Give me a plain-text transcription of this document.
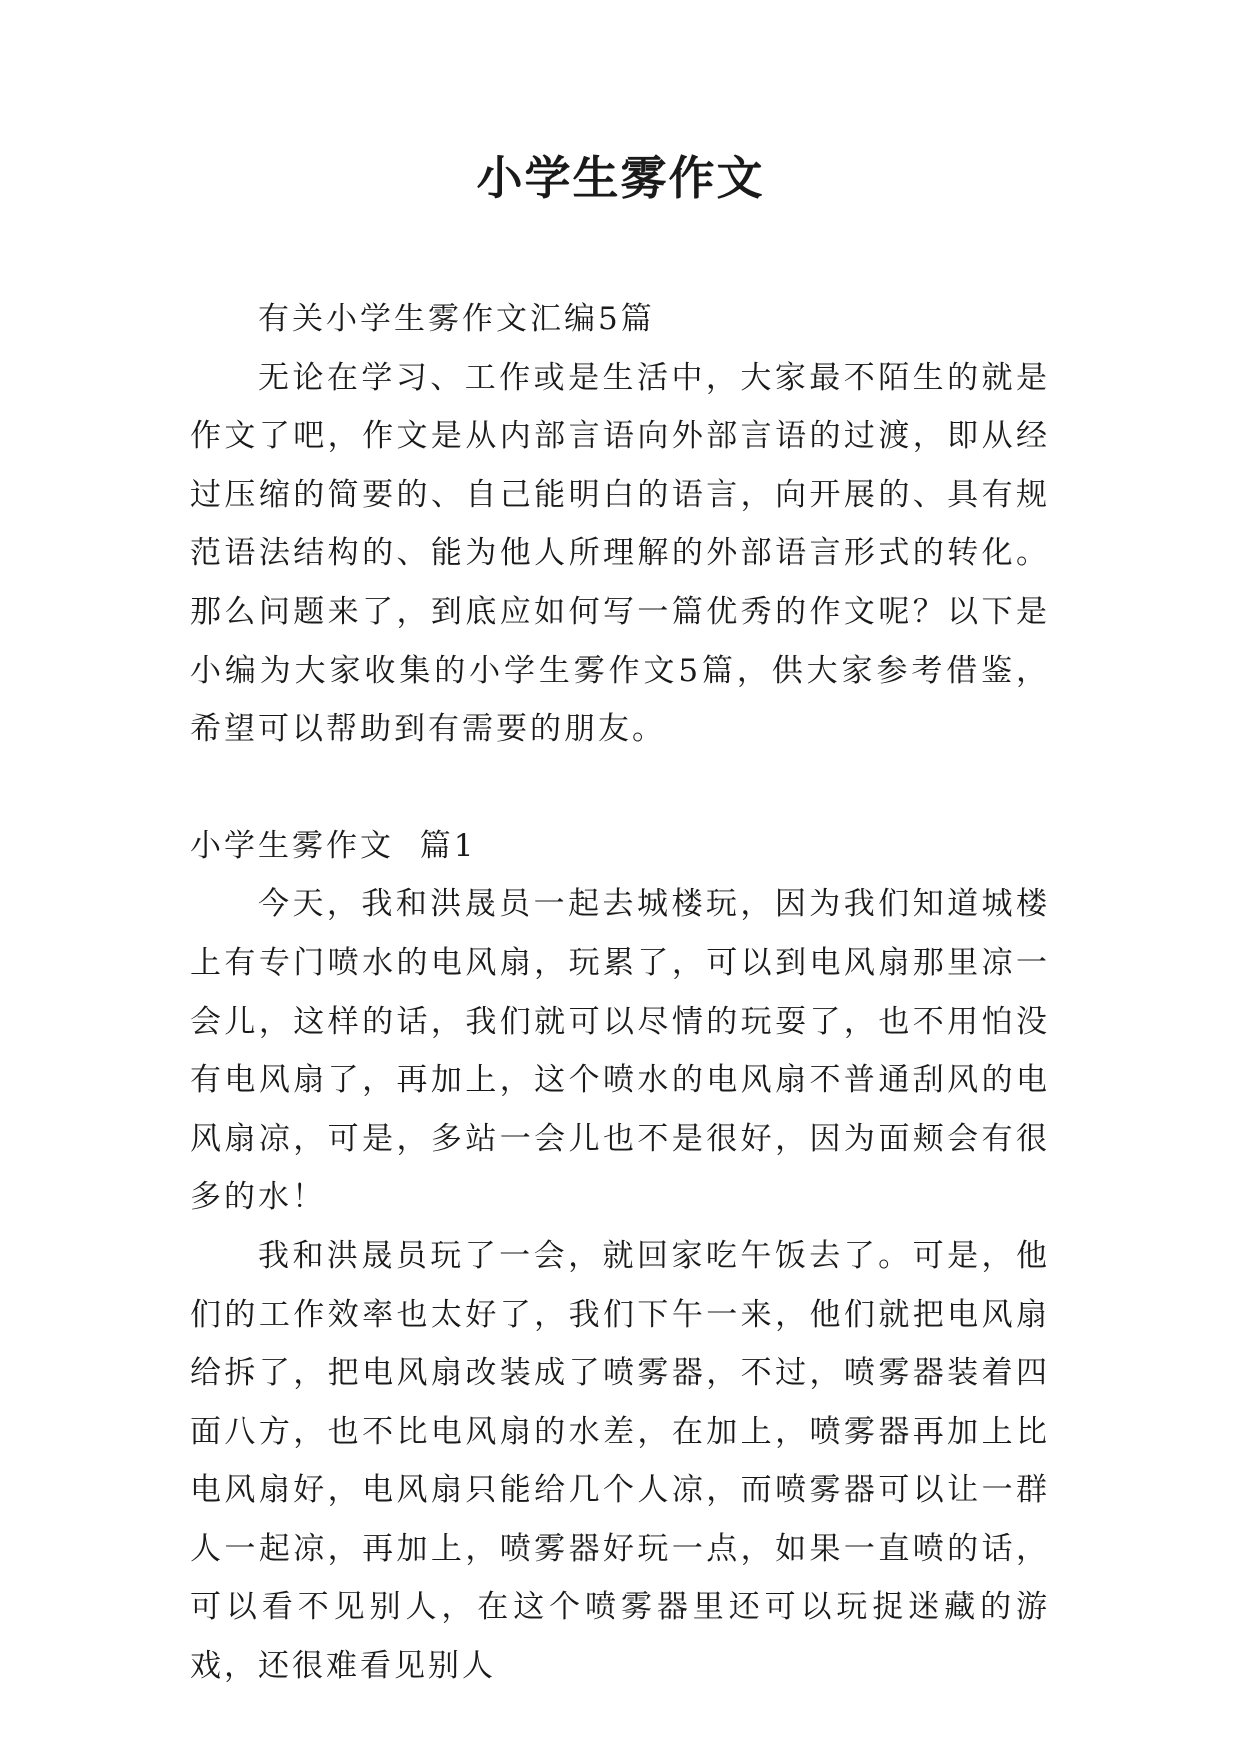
小学生雾作文

有关小学生雾作文汇编5篇

无论在学习、工作或是生活中，大家最不陌生的就是作文了吧，作文是从内部言语向外部言语的过渡，即从经过压缩的简要的、自己能明白的语言，向开展的、具有规范语法结构的、能为他人所理解的外部语言形式的转化。那么问题来了，到底应如何写一篇优秀的作文呢？以下是小编为大家收集的小学生雾作文5篇，供大家参考借鉴，希望可以帮助到有需要的朋友。

小学生雾作文  篇1

今天，我和洪晟员一起去城楼玩，因为我们知道城楼上有专门喷水的电风扇，玩累了，可以到电风扇那里凉一会儿，这样的话，我们就可以尽情的玩耍了，也不用怕没有电风扇了，再加上，这个喷水的电风扇不普通刮风的电风扇凉，可是，多站一会儿也不是很好，因为面颊会有很多的水！

我和洪晟员玩了一会，就回家吃午饭去了。可是，他们的工作效率也太好了，我们下午一来，他们就把电风扇给拆了，把电风扇改装成了喷雾器，不过，喷雾器装着四面八方，也不比电风扇的水差，在加上，喷雾器再加上比电风扇好，电风扇只能给几个人凉，而喷雾器可以让一群人一起凉，再加上，喷雾器好玩一点，如果一直喷的话，可以看不见别人，在这个喷雾器里还可以玩捉迷藏的游戏，还很难看见别人
